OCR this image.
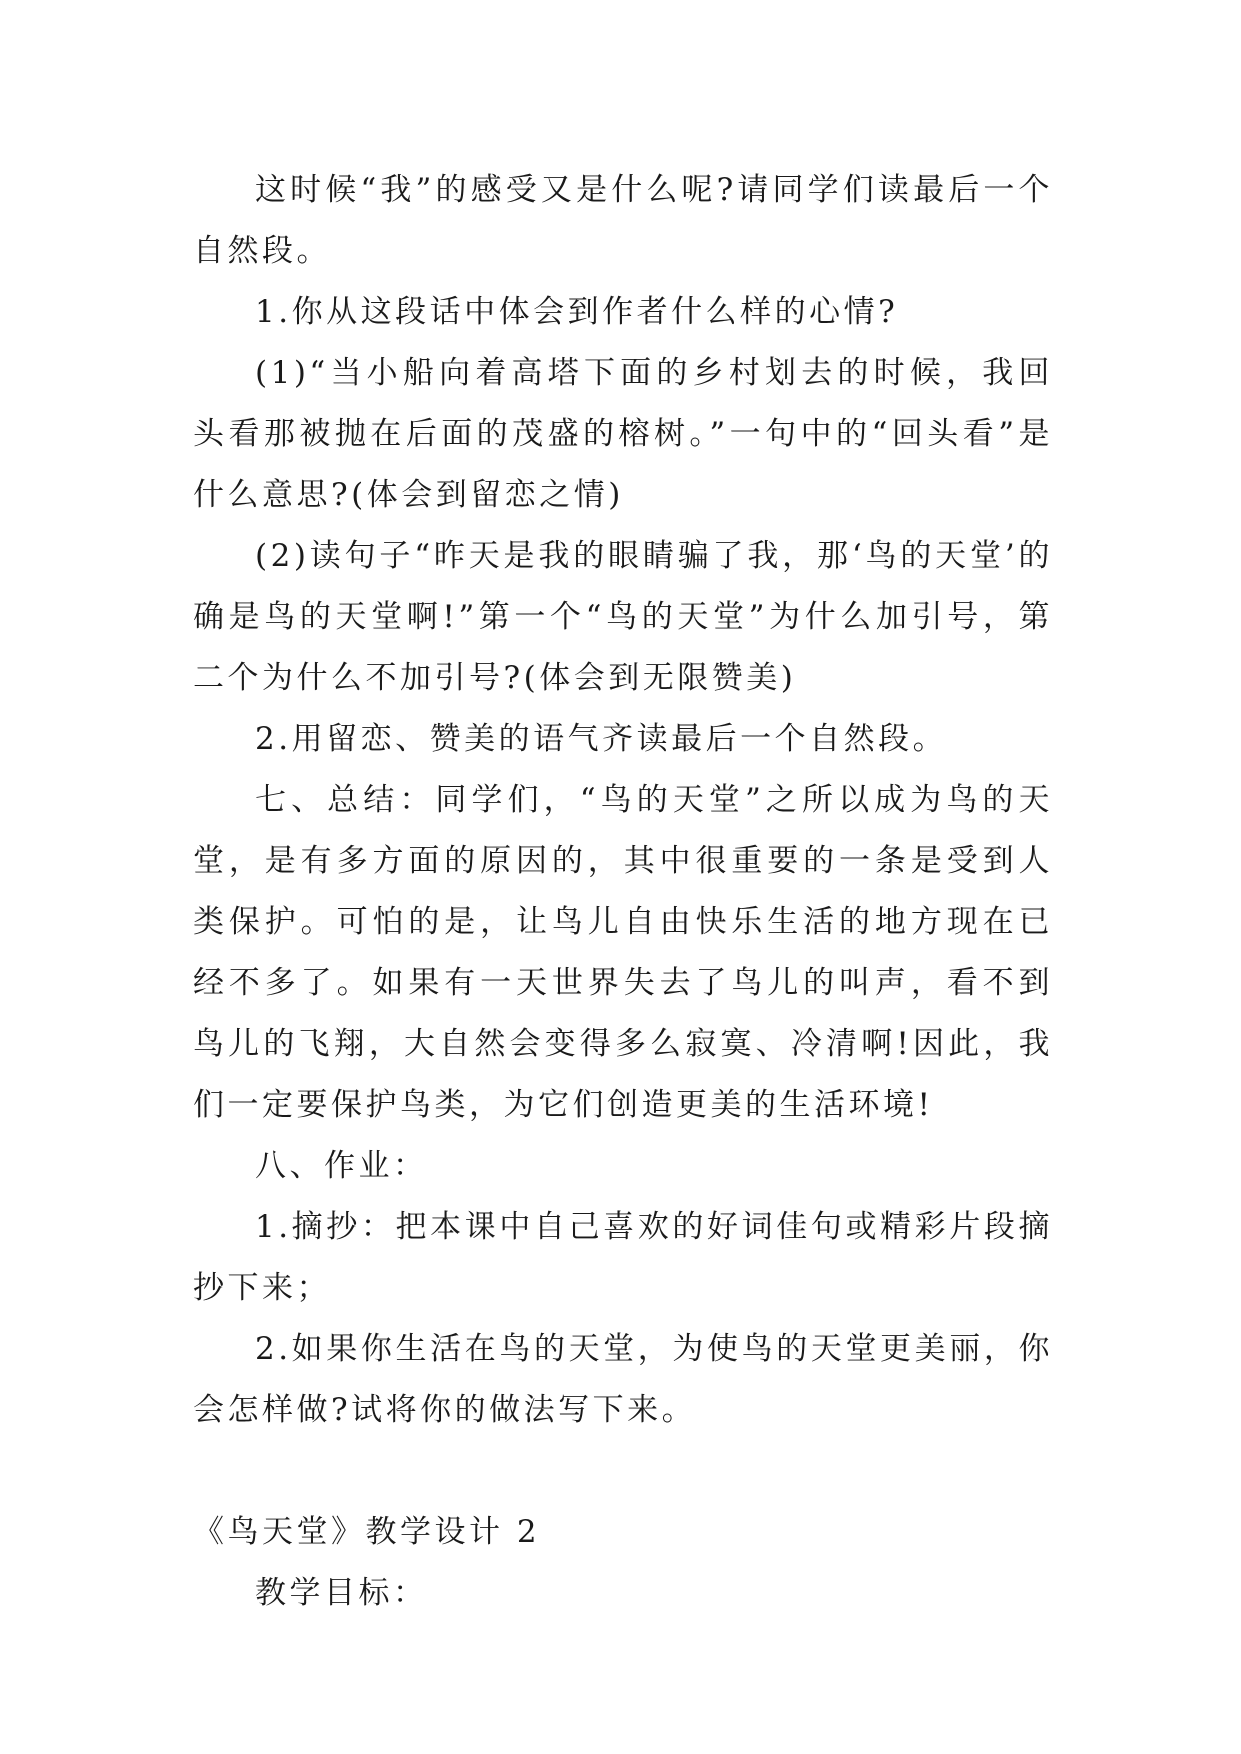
这时候“我”的感受又是什么呢?请同学们读最后一个自然段。

1.你从这段话中体会到作者什么样的心情?

(1)“当小船向着高塔下面的乡村划去的时候，我回头看那被抛在后面的茂盛的榕树。”一句中的“回头看”是什么意思?(体会到留恋之情)

(2)读句子“昨天是我的眼睛骗了我，那‘鸟的天堂’的确是鸟的天堂啊!”第一个“鸟的天堂”为什么加引号，第二个为什么不加引号?(体会到无限赞美)

2.用留恋、赞美的语气齐读最后一个自然段。

七、总结：同学们，“鸟的天堂”之所以成为鸟的天堂，是有多方面的原因的，其中很重要的一条是受到人类保护。可怕的是，让鸟儿自由快乐生活的地方现在已经不多了。如果有一天世界失去了鸟儿的叫声，看不到鸟儿的飞翔，大自然会变得多么寂寞、冷清啊!因此，我们一定要保护鸟类，为它们创造更美的生活环境!

八、作业：

1.摘抄：把本课中自己喜欢的好词佳句或精彩片段摘抄下来；

2.如果你生活在鸟的天堂，为使鸟的天堂更美丽，你会怎样做?试将你的做法写下来。

《鸟天堂》教学设计 2

教学目标：
